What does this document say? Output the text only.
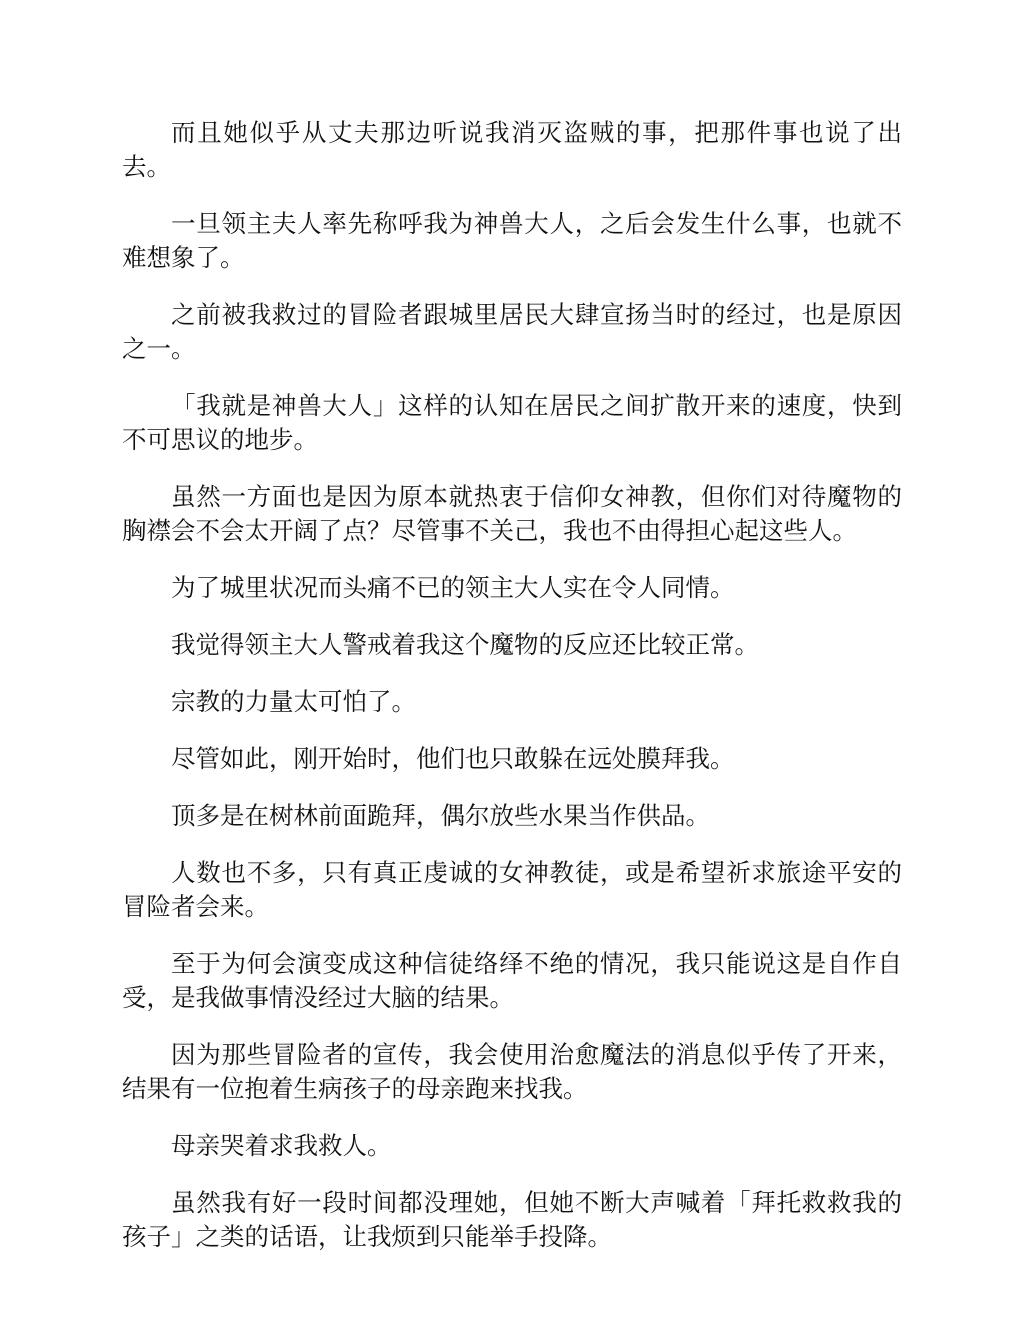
而且她似乎从丈夫那边听说我消灭盗贼的事，把那件事也说了出去。

一旦领主夫人率先称呼我为神兽大人，之后会发生什么事，也就不难想象了。

之前被我救过的冒险者跟城里居民大肆宣扬当时的经过，也是原因之一。

「我就是神兽大人」这样的认知在居民之间扩散开来的速度，快到不可思议的地步。

虽然一方面也是因为原本就热衷于信仰女神教，但你们对待魔物的胸襟会不会太开阔了点？尽管事不关己，我也不由得担心起这些人。

为了城里状况而头痛不已的领主大人实在令人同情。

我觉得领主大人警戒着我这个魔物的反应还比较正常。

宗教的力量太可怕了。

尽管如此，刚开始时，他们也只敢躲在远处膜拜我。

顶多是在树林前面跪拜，偶尔放些水果当作供品。

人数也不多，只有真正虔诚的女神教徒，或是希望祈求旅途平安的冒险者会来。

至于为何会演变成这种信徒络绎不绝的情况，我只能说这是自作自受，是我做事情没经过大脑的结果。

因为那些冒险者的宣传，我会使用治愈魔法的消息似乎传了开来，结果有一位抱着生病孩子的母亲跑来找我。

母亲哭着求我救人。

虽然我有好一段时间都没理她，但她不断大声喊着「拜托救救我的孩子」之类的话语，让我烦到只能举手投降。
